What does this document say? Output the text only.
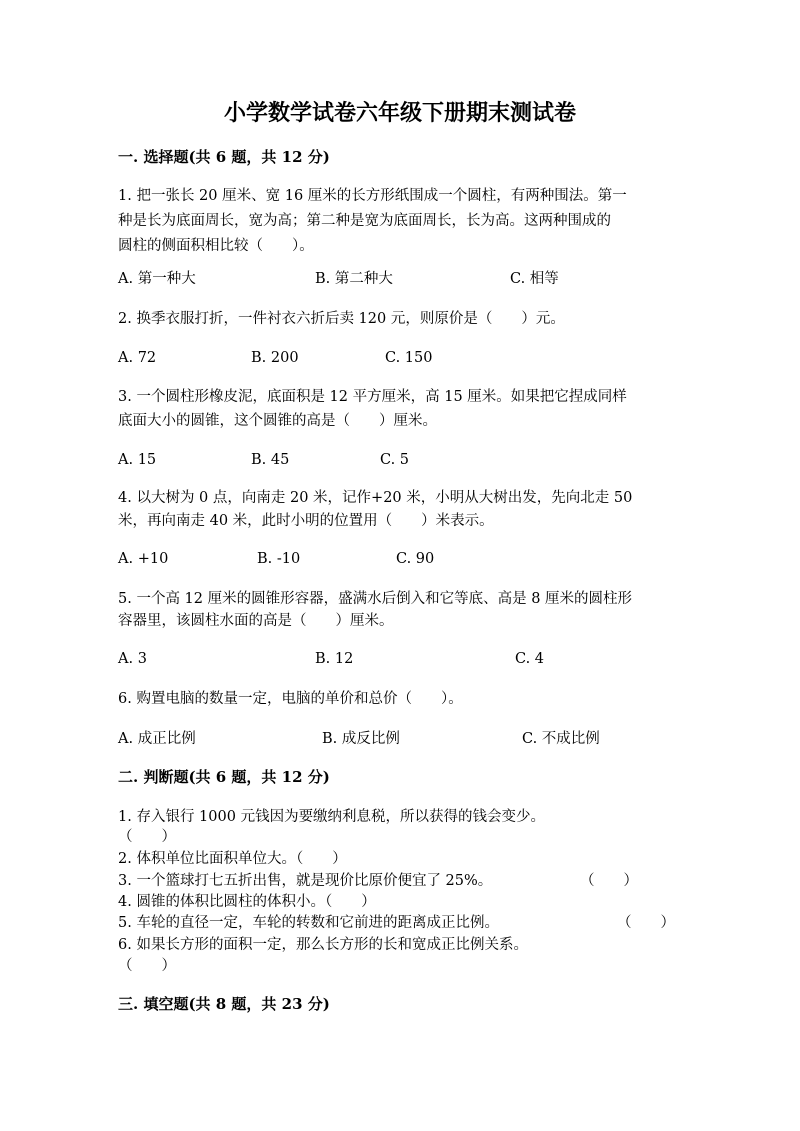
小学数学试卷六年级下册期末测试卷
一. 选择题(共 6 题，共 12 分)
1. 把一张长 20 厘米、宽 16 厘米的长方形纸围成一个圆柱，有两种围法。第一
种是长为底面周长，宽为高；第二种是宽为底面周长，长为高。这两种围成的
圆柱的侧面积相比较（　　）。
A. 第一种大	B. 第二种大	C. 相等
2. 换季衣服打折，一件衬衣六折后卖 120 元，则原价是（　　）元。
A. 72	B. 200	C. 150
3. 一个圆柱形橡皮泥，底面积是 12 平方厘米，高 15 厘米。如果把它捏成同样
底面大小的圆锥，这个圆锥的高是（　　）厘米。
A. 15	B. 45	C. 5
4. 以大树为 0 点，向南走 20 米，记作+20 米，小明从大树出发，先向北走 50
米，再向南走 40 米，此时小明的位置用（　　）米表示。
A. +10	B. -10	C. 90
5. 一个高 12 厘米的圆锥形容器，盛满水后倒入和它等底、高是 8 厘米的圆柱形
容器里，该圆柱水面的高是（　　）厘米。
A. 3	B. 12	C. 4
6. 购置电脑的数量一定，电脑的单价和总价（　　）。
A. 成正比例	B. 成反比例	C. 不成比例
二. 判断题(共 6 题，共 12 分)
1. 存入银行 1000 元钱因为要缴纳利息税，所以获得的钱会变少。
（　　）
2. 体积单位比面积单位大。（　　）
3. 一个篮球打七五折出售，就是现价比原价便宜了 25%。	（　　）
4. 圆锥的体积比圆柱的体积小。（　　）
5. 车轮的直径一定，车轮的转数和它前进的距离成正比例。	（　　）
6. 如果长方形的面积一定，那么长方形的长和宽成正比例关系。
（　　）
三. 填空题(共 8 题，共 23 分)
